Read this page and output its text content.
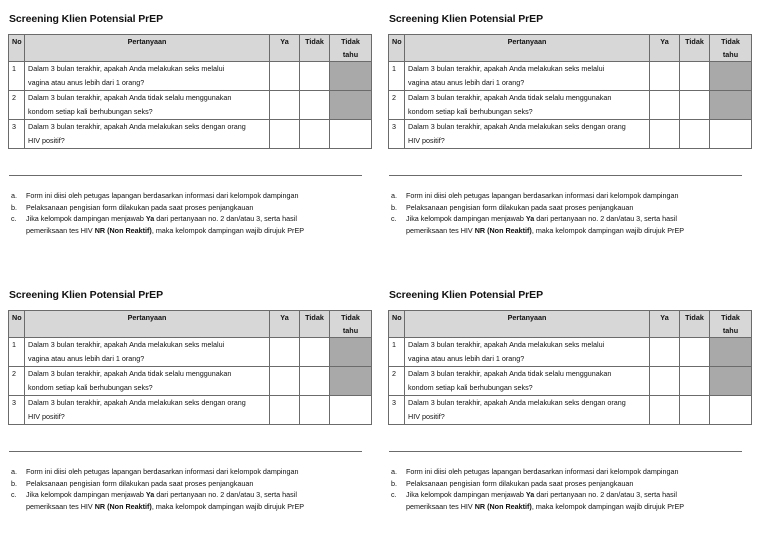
Screening Klien Potensial PrEP
No	Pertanyaan	Ya	Tidak	Tidak tahu
1	Dalam 3 bulan terakhir, apakah Anda melakukan seks melalui
vagina atau anus lebih dari 1 orang?			
2	Dalam 3 bulan terakhir, apakah Anda tidak selalu menggunakan
kondom setiap kali berhubungan seks?			
3	Dalam 3 bulan terakhir, apakah Anda melakukan seks dengan orang
HIV positif?			
a. Form ini diisi oleh petugas lapangan berdasarkan informasi dari kelompok dampingan
b. Pelaksanaan pengisian form dilakukan pada saat proses penjangkauan
c. Jika kelompok dampingan menjawab Ya dari pertanyaan no. 2 dan/atau 3, serta hasil
pemeriksaan tes HIV NR (Non Reaktif), maka kelompok dampingan wajib dirujuk PrEP
Screening Klien Potensial PrEP
No	Pertanyaan	Ya	Tidak	Tidak tahu
1	Dalam 3 bulan terakhir, apakah Anda melakukan seks melalui
vagina atau anus lebih dari 1 orang?			
2	Dalam 3 bulan terakhir, apakah Anda tidak selalu menggunakan
kondom setiap kali berhubungan seks?			
3	Dalam 3 bulan terakhir, apakah Anda melakukan seks dengan orang
HIV positif?			
a. Form ini diisi oleh petugas lapangan berdasarkan informasi dari kelompok dampingan
b. Pelaksanaan pengisian form dilakukan pada saat proses penjangkauan
c. Jika kelompok dampingan menjawab Ya dari pertanyaan no. 2 dan/atau 3, serta hasil
pemeriksaan tes HIV NR (Non Reaktif), maka kelompok dampingan wajib dirujuk PrEP
Screening Klien Potensial PrEP
No	Pertanyaan	Ya	Tidak	Tidak tahu
1	Dalam 3 bulan terakhir, apakah Anda melakukan seks melalui
vagina atau anus lebih dari 1 orang?			
2	Dalam 3 bulan terakhir, apakah Anda tidak selalu menggunakan
kondom setiap kali berhubungan seks?			
3	Dalam 3 bulan terakhir, apakah Anda melakukan seks dengan orang
HIV positif?			
a. Form ini diisi oleh petugas lapangan berdasarkan informasi dari kelompok dampingan
b. Pelaksanaan pengisian form dilakukan pada saat proses penjangkauan
c. Jika kelompok dampingan menjawab Ya dari pertanyaan no. 2 dan/atau 3, serta hasil
pemeriksaan tes HIV NR (Non Reaktif), maka kelompok dampingan wajib dirujuk PrEP
Screening Klien Potensial PrEP
No	Pertanyaan	Ya	Tidak	Tidak tahu
1	Dalam 3 bulan terakhir, apakah Anda melakukan seks melalui
vagina atau anus lebih dari 1 orang?			
2	Dalam 3 bulan terakhir, apakah Anda tidak selalu menggunakan
kondom setiap kali berhubungan seks?			
3	Dalam 3 bulan terakhir, apakah Anda melakukan seks dengan orang
HIV positif?			
a. Form ini diisi oleh petugas lapangan berdasarkan informasi dari kelompok dampingan
b. Pelaksanaan pengisian form dilakukan pada saat proses penjangkauan
c. Jika kelompok dampingan menjawab Ya dari pertanyaan no. 2 dan/atau 3, serta hasil
pemeriksaan tes HIV NR (Non Reaktif), maka kelompok dampingan wajib dirujuk PrEP
